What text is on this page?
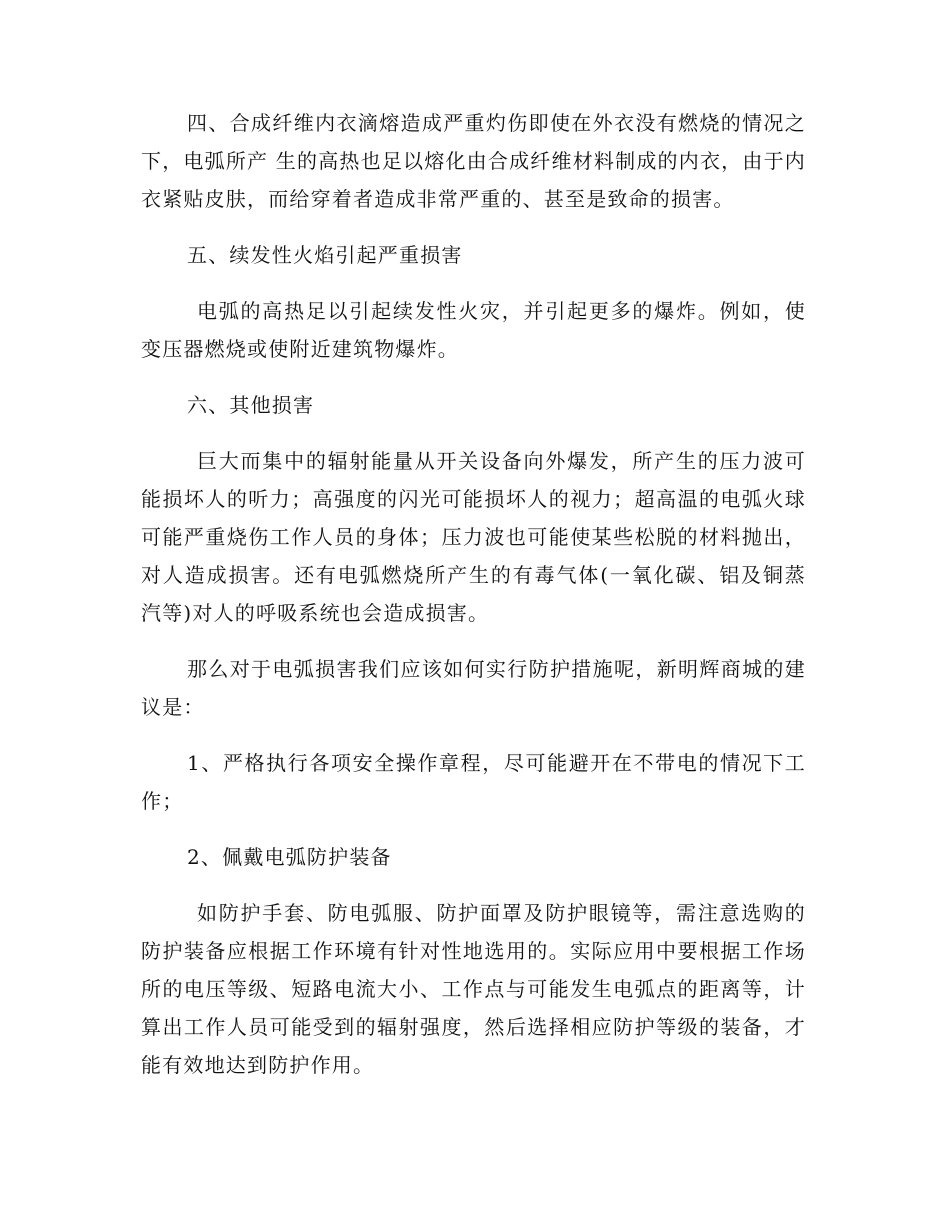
四、合成纤维内衣滴熔造成严重灼伤即使在外衣没有燃烧的情况之下，电弧所产 生的高热也足以熔化由合成纤维材料制成的内衣，由于内衣紧贴皮肤，而给穿着者造成非常严重的、甚至是致命的损害。

五、续发性火焰引起严重损害

电弧的高热足以引起续发性火灾，并引起更多的爆炸。例如，使变压器燃烧或使附近建筑物爆炸。

六、其他损害

巨大而集中的辐射能量从开关设备向外爆发，所产生的压力波可能损坏人的听力；高强度的闪光可能损坏人的视力；超高温的电弧火球可能严重烧伤工作人员的身体；压力波也可能使某些松脱的材料抛出，对人造成损害。还有电弧燃烧所产生的有毒气体(一氧化碳、铝及铜蒸汽等)对人的呼吸系统也会造成损害。

那么对于电弧损害我们应该如何实行防护措施呢，新明辉商城的建议是：

1、严格执行各项安全操作章程，尽可能避开在不带电的情况下工作；

2、佩戴电弧防护装备

如防护手套、防电弧服、防护面罩及防护眼镜等，需注意选购的防护装备应根据工作环境有针对性地选用的。实际应用中要根据工作场所的电压等级、短路电流大小、工作点与可能发生电弧点的距离等，计算出工作人员可能受到的辐射强度，然后选择相应防护等级的装备，才能有效地达到防护作用。
